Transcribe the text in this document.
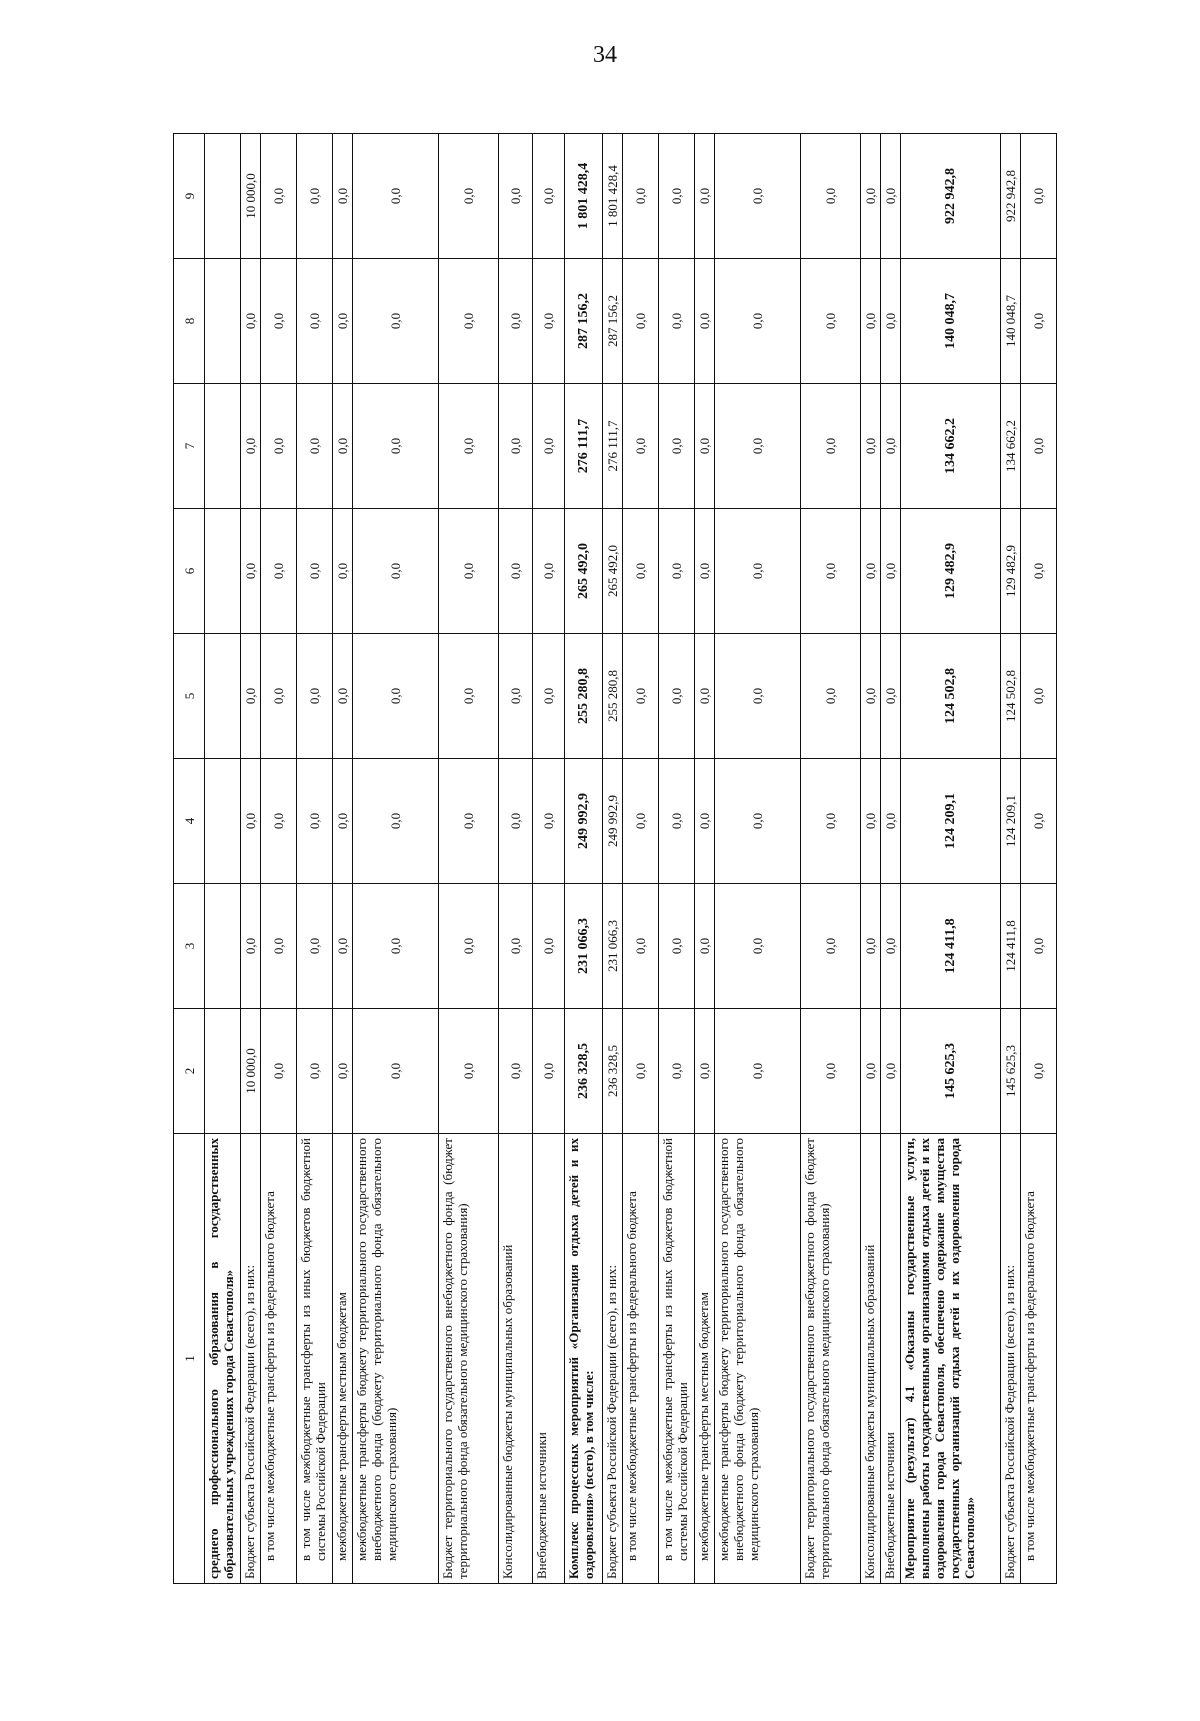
34
1	2	3	4	5	6	7	8	9
среднего профессионального образования в государственных образовательных учреждениях города Севастополя»								
Бюджет субъекта Российской Федерации (всего), из них:	10 000,0	0,0	0,0	0,0	0,0	0,0	0,0	10 000,0
в том числе межбюджетные трансферты из федерального бюджета	0,0	0,0	0,0	0,0	0,0	0,0	0,0	0,0
в том числе межбюджетные трансферты из иных бюджетов бюджетной системы Российской Федерации	0,0	0,0	0,0	0,0	0,0	0,0	0,0	0,0
межбюджетные трансферты местным бюджетам	0,0	0,0	0,0	0,0	0,0	0,0	0,0	0,0
межбюджетные трансферты бюджету территориального государственного внебюджетного фонда (бюджету территориального фонда обязательного медицинского страхования)	0,0	0,0	0,0	0,0	0,0	0,0	0,0	0,0
Бюджет территориального государственного внебюджетного фонда (бюджет территориального фонда обязательного медицинского страхования)	0,0	0,0	0,0	0,0	0,0	0,0	0,0	0,0
Консолидированные бюджеты муниципальных образований	0,0	0,0	0,0	0,0	0,0	0,0	0,0	0,0
Внебюджетные источники	0,0	0,0	0,0	0,0	0,0	0,0	0,0	0,0
Комплекс процессных мероприятий «Организация отдыха детей и их оздоровления» (всего), в том числе:	236 328,5	231 066,3	249 992,9	255 280,8	265 492,0	276 111,7	287 156,2	1 801 428,4
Бюджет субъекта Российской Федерации (всего), из них:	236 328,5	231 066,3	249 992,9	255 280,8	265 492,0	276 111,7	287 156,2	1 801 428,4
в том числе межбюджетные трансферты из федерального бюджета	0,0	0,0	0,0	0,0	0,0	0,0	0,0	0,0
в том числе межбюджетные трансферты из иных бюджетов бюджетной системы Российской Федерации	0,0	0,0	0,0	0,0	0,0	0,0	0,0	0,0
межбюджетные трансферты местным бюджетам	0,0	0,0	0,0	0,0	0,0	0,0	0,0	0,0
межбюджетные трансферты бюджету территориального государственного внебюджетного фонда (бюджету территориального фонда обязательного медицинского страхования)	0,0	0,0	0,0	0,0	0,0	0,0	0,0	0,0
Бюджет территориального государственного внебюджетного фонда (бюджет территориального фонда обязательного медицинского страхования)	0,0	0,0	0,0	0,0	0,0	0,0	0,0	0,0
Консолидированные бюджеты муниципальных образований	0,0	0,0	0,0	0,0	0,0	0,0	0,0	0,0
Внебюджетные источники	0,0	0,0	0,0	0,0	0,0	0,0	0,0	0,0
Мероприятие (результат) 4.1 «Оказаны государственные услуги, выполнены работы государственными организациями отдыха детей и их оздоровления города Севастополя, обеспечено содержание имущества государственных организаций отдыха детей и их оздоровления города Севастополя»	145 625,3	124 411,8	124 209,1	124 502,8	129 482,9	134 662,2	140 048,7	922 942,8
Бюджет субъекта Российской Федерации (всего), из них:	145 625,3	124 411,8	124 209,1	124 502,8	129 482,9	134 662,2	140 048,7	922 942,8
в том числе межбюджетные трансферты из федерального бюджета	0,0	0,0	0,0	0,0	0,0	0,0	0,0	0,0
